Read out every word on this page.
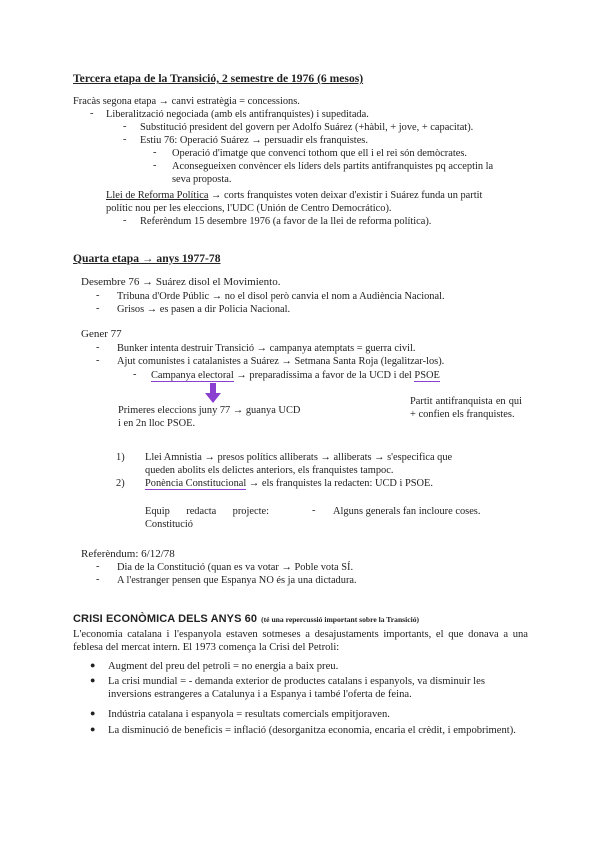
Tercera etapa de la Transició, 2 semestre de 1976 (6 mesos)
Fracàs segona etapa → canvi estratègia = concessions.
- Liberalització negociada (amb els antifranquistes) i supeditada.
- Substitució president del govern per Adolfo Suárez (+hàbil, + jove, + capacitat).
- Estiu 76: Operació Suárez → persuadir els franquistes.
- Operació d'imatge que convencí tothom que ell i el rei són demòcrates.
- Aconsegueixen convèncer els líders dels partits antifranquistes pq acceptin la
seva proposta.
Llei de Reforma Política → corts franquistes voten deixar d'existir i Suárez funda un partit
polític nou per les eleccions, l'UDC (Unión de Centro Democrático).
- Referèndum 15 desembre 1976 (a favor de la llei de reforma política).
Quarta etapa → anys 1977-78
Desembre 76 → Suárez disol el Movimiento.
- Tribuna d'Orde Públic → no el disol però canvia el nom a Audiència Nacional.
- Grisos → es pasen a dir Policia Nacional.
Gener 77
- Bunker intenta destruir Transició → campanya atemptats = guerra civil.
- Ajut comunistes i catalanistes a Suárez → Setmana Santa Roja (legalitzar-los).
- Campanya electoral → preparadíssima a favor de la UCD i del PSOE
Primeres eleccions juny 77 → guanya UCD
i en 2n lloc PSOE.
Partit antifranquista en qui + confien els franquistes.
1) Llei Amnistia → presos polítics alliberats → alliberats → s'especifica que
queden abolits els delictes anteriors, els franquistes tampoc.
2) Ponència Constitucional → els franquistes la redacten: UCD i PSOE.
Equip redacta projecte: Constitució
- Alguns generals fan incloure coses.
Referèndum: 6/12/78
- Dia de la Constitució (quan es va votar → Poble vota SÍ.
- A l'estranger pensen que Espanya NO és ja una dictadura.
CRISI ECONÒMICA DELS ANYS 60 (té una repercussió important sobre la Transició)
L'economia catalana i l'espanyola estaven sotmeses a desajustaments importants, el que donava a una feblesa del mercat intern. El 1973 comença la Crisi del Petroli:
● Augment del preu del petroli = no energia a baix preu.
● La crisi mundial = - demanda exterior de productes catalans i espanyols, va disminuir les inversions estrangeres a Catalunya i a Espanya i també l'oferta de feina.
● Indústria catalana i espanyola = resultats comercials empitjoraven.
● La disminució de beneficis = inflació (desorganitza economia, encaria el crèdit, i empobriment).
